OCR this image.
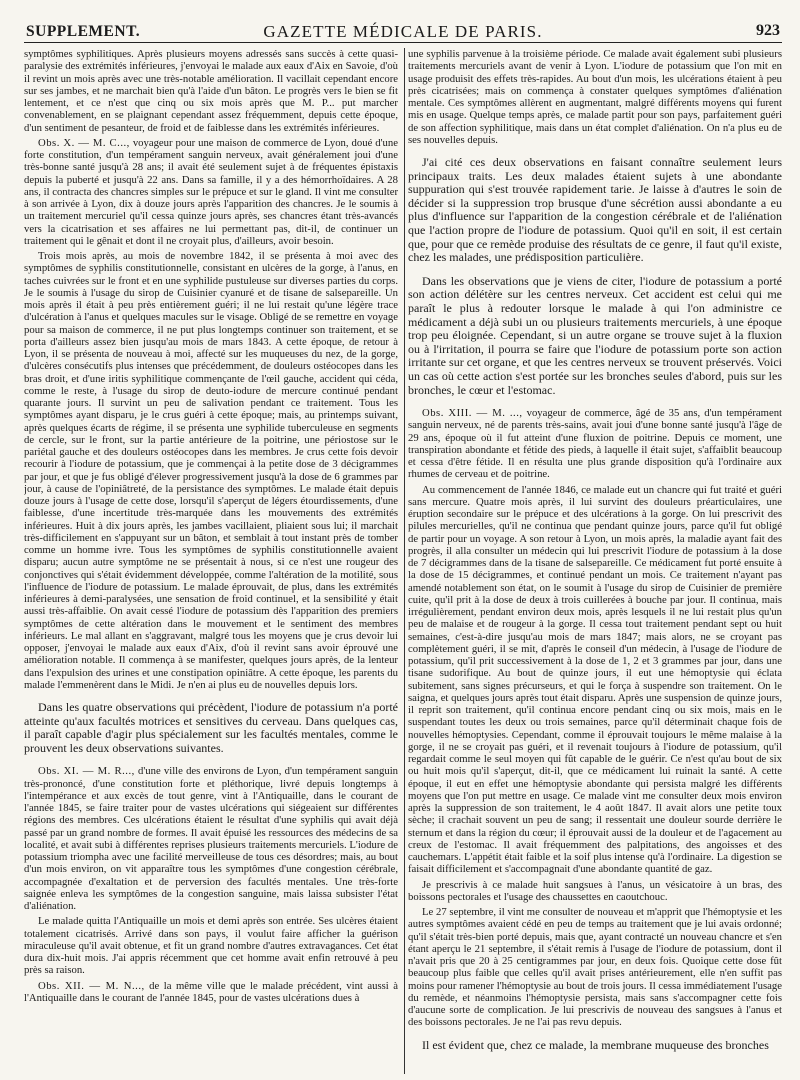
SUPPLEMENT.	GAZETTE MÉDICALE DE PARIS.	923

symptômes syphilitiques. Après plusieurs moyens adressés sans succès à cette quasi-paralysie des extrémités inférieures, j'envoyai le malade aux eaux d'Aix en Savoie, d'où il revint un mois après avec une très-notable amélioration. Il vacillait cependant encore sur ses jambes, et ne marchait bien qu'à l'aide d'un bâton. Le progrès vers le bien se fit lentement, et ce n'est que cinq ou six mois après que M. P... put marcher convenablement, en se plaignant cependant assez fréquemment, depuis cette époque, d'un sentiment de pesanteur, de froid et de faiblesse dans les extrémités inférieures.

Obs. X. — M. C..., voyageur pour une maison de commerce de Lyon, doué d'une forte constitution, d'un tempérament sanguin nerveux, avait généralement joui d'une très-bonne santé jusqu'à 28 ans; il avait été seulement sujet à de fréquentes épistaxis depuis la puberté et jusqu'à 22 ans. Dans sa famille, il y a des hémorrhoïdaires. A 28 ans, il contracta des chancres simples sur le prépuce et sur le gland. Il vint me consulter à son arrivée à Lyon, dix à douze jours après l'apparition des chancres. Je le soumis à un traitement mercuriel qu'il cessa quinze jours après, ses chancres étant très-avancés vers la cicatrisation et ses affaires ne lui permettant pas, dit-il, de continuer un traitement qui le gênait et dont il ne croyait plus, d'ailleurs, avoir besoin.

Trois mois après, au mois de novembre 1842, il se présenta à moi avec des symptômes de syphilis constitutionnelle, consistant en ulcères de la gorge, à l'anus, en taches cuivrées sur le front et en une syphilide pustuleuse sur diverses parties du corps. Je le soumis à l'usage du sirop de Cuisinier cyanuré et de tisane de salsepareille. Un mois après il était à peu près entièrement guéri; il ne lui restait qu'une légère trace d'ulcération à l'anus et quelques macules sur le visage. Obligé de se remettre en voyage pour sa maison de commerce, il ne put plus longtemps continuer son traitement, et se porta d'ailleurs assez bien jusqu'au mois de mars 1843. A cette époque, de retour à Lyon, il se présenta de nouveau à moi, affecté sur les muqueuses du nez, de la gorge, d'ulcères consécutifs plus intenses que précédemment, de douleurs ostéocopes dans les bras droit, et d'une iritis syphilitique commençante de l'œil gauche, accident qui céda, comme le reste, à l'usage du sirop de deuto-iodure de mercure continué pendant quarante jours. Il survint un peu de salivation pendant ce traitement. Tous les symptômes ayant disparu, je le crus guéri à cette époque; mais, au printemps suivant, après quelques écarts de régime, il se présenta une syphilide tuberculeuse en segments de cercle, sur le front, sur la partie antérieure de la poitrine, une périostose sur le pariétal gauche et des douleurs ostéocopes dans les membres. Je crus cette fois devoir recourir à l'iodure de potassium, que je commençai à la petite dose de 3 décigrammes par jour, et que je fus obligé d'élever progressivement jusqu'à la dose de 6 grammes par jour, à cause de l'opiniâtreté, de la persistance des symptômes. Le malade était depuis douze jours à l'usage de cette dose, lorsqu'il s'aperçut de légers étourdissements, d'une faiblesse, d'une incertitude très-marquée dans les mouvements des extrémités inférieures. Huit à dix jours après, les jambes vacillaient, pliaient sous lui; il marchait très-difficilement en s'appuyant sur un bâton, et semblait à tout instant près de tomber comme un homme ivre. Tous les symptômes de syphilis constitutionnelle avaient disparu; aucun autre symptôme ne se présentait à nous, si ce n'est une rougeur des conjonctives qui s'était évidemment développée, comme l'altération de la motilité, sous l'influence de l'iodure de potassium. Le malade éprouvait, de plus, dans les extrémités inférieures à demi-paralysées, une sensation de froid continuel, et la sensibilité y était aussi très-affaiblie. On avait cessé l'iodure de potassium dès l'apparition des premiers symptômes de cette altération dans le mouvement et le sentiment des membres inférieurs. Le mal allant en s'aggravant, malgré tous les moyens que je crus devoir lui opposer, j'envoyai le malade aux eaux d'Aix, d'où il revint sans avoir éprouvé une amélioration notable. Il commença à se manifester, quelques jours après, de la lenteur dans l'expulsion des urines et une constipation opiniâtre. A cette époque, les parents du malade l'emmenèrent dans le Midi. Je n'en ai plus eu de nouvelles depuis lors.

Dans les quatre observations qui précèdent, l'iodure de potassium n'a porté atteinte qu'aux facultés motrices et sensitives du cerveau. Dans quelques cas, il paraît capable d'agir plus spécialement sur les facultés mentales, comme le prouvent les deux observations suivantes.

Obs. XI. — M. R..., d'une ville des environs de Lyon, d'un tempérament sanguin très-prononcé, d'une constitution forte et pléthorique, livré depuis longtemps à l'intempérance et aux excès de tout genre, vint à l'Antiquaille, dans le courant de l'année 1845, se faire traiter pour de vastes ulcérations qui siégeaient sur différentes régions des membres. Ces ulcérations étaient le résultat d'une syphilis qui avait déjà passé par un grand nombre de formes. Il avait épuisé les ressources des médecins de sa localité, et avait subi à différentes reprises plusieurs traitements mercuriels. L'iodure de potassium triompha avec une facilité merveilleuse de tous ces désordres; mais, au bout d'un mois environ, on vit apparaître tous les symptômes d'une congestion cérébrale, accompagnée d'exaltation et de perversion des facultés mentales. Une très-forte saignée enleva les symptômes de la congestion sanguine, mais laissa subsister l'état d'aliénation.

Le malade quitta l'Antiquaille un mois et demi après son entrée. Ses ulcères étaient totalement cicatrisés. Arrivé dans son pays, il voulut faire afficher la guérison miraculeuse qu'il avait obtenue, et fit un grand nombre d'autres extravagances. Cet état dura dix-huit mois. J'ai appris récemment que cet homme avait enfin retrouvé à peu près sa raison.

Obs. XII. — M. N..., de la même ville que le malade précédent, vint aussi à l'Antiquaille dans le courant de l'année 1845, pour de vastes ulcérations dues à

une syphilis parvenue à la troisième période. Ce malade avait également subi plusieurs traitements mercuriels avant de venir à Lyon. L'iodure de potassium que l'on mit en usage produisit des effets très-rapides. Au bout d'un mois, les ulcérations étaient à peu près cicatrisées; mais on commença à constater quelques symptômes d'aliénation mentale. Ces symptômes allèrent en augmentant, malgré différents moyens qui furent mis en usage. Quelque temps après, ce malade partit pour son pays, parfaitement guéri de son affection syphilitique, mais dans un état complet d'aliénation. On n'a plus eu de ses nouvelles depuis.

J'ai cité ces deux observations en faisant connaître seulement leurs principaux traits. Les deux malades étaient sujets à une abondante suppuration qui s'est trouvée rapidement tarie. Je laisse à d'autres le soin de décider si la suppression trop brusque d'une sécrétion aussi abondante a eu plus d'influence sur l'apparition de la congestion cérébrale et de l'aliénation que l'action propre de l'iodure de potassium. Quoi qu'il en soit, il est certain que, pour que ce remède produise des résultats de ce genre, il faut qu'il existe, chez les malades, une prédisposition particulière.

Dans les observations que je viens de citer, l'iodure de potassium a porté son action délétère sur les centres nerveux. Cet accident est celui qui me paraît le plus à redouter lorsque le malade à qui l'on administre ce médicament a déjà subi un ou plusieurs traitements mercuriels, à une époque trop peu éloignée. Cependant, si un autre organe se trouve sujet à la fluxion ou à l'irritation, il pourra se faire que l'iodure de potassium porte son action irritante sur cet organe, et que les centres nerveux se trouvent préservés. Voici un cas où cette action s'est portée sur les bronches seules d'abord, puis sur les bronches, le cœur et l'estomac.

Obs. XIII. — M. ..., voyageur de commerce, âgé de 35 ans, d'un tempérament sanguin nerveux, né de parents très-sains, avait joui d'une bonne santé jusqu'à l'âge de 29 ans, époque où il fut atteint d'une fluxion de poitrine. Depuis ce moment, une transpiration abondante et fétide des pieds, à laquelle il était sujet, s'affaiblit beaucoup et cessa d'être fétide. Il en résulta une plus grande disposition qu'à l'ordinaire aux rhumes de cerveau et de poitrine.

Au commencement de l'année 1846, ce malade eut un chancre qui fut traité et guéri sans mercure. Quatre mois après, il lui survint des douleurs préarticulaires, une éruption secondaire sur le prépuce et des ulcérations à la gorge. On lui prescrivit des pilules mercurielles, qu'il ne continua que pendant quinze jours, parce qu'il fut obligé de partir pour un voyage. A son retour à Lyon, un mois après, la maladie ayant fait des progrès, il alla consulter un médecin qui lui prescrivit l'iodure de potassium à la dose de 7 décigrammes dans de la tisane de salsepareille. Ce médicament fut porté ensuite à la dose de 15 décigrammes, et continué pendant un mois. Ce traitement n'ayant pas amendé notablement son état, on le soumit à l'usage du sirop de Cuisinier de première cuite, qu'il prit à la dose de deux à trois cuillerées à bouche par jour. Il continua, mais irrégulièrement, pendant environ deux mois, après lesquels il ne lui restait plus qu'un peu de malaise et de rougeur à la gorge. Il cessa tout traitement pendant sept ou huit semaines, c'est-à-dire jusqu'au mois de mars 1847; mais alors, ne se croyant pas complètement guéri, il se mit, d'après le conseil d'un médecin, à l'usage de l'iodure de potassium, qu'il prit successivement à la dose de 1, 2 et 3 grammes par jour, dans une tisane sudorifique. Au bout de quinze jours, il eut une hémoptysie qui éclata subitement, sans signes précurseurs, et qui le força à suspendre son traitement. On le saigna, et quelques jours après tout était disparu. Après une suspension de quinze jours, il reprit son traitement, qu'il continua encore pendant cinq ou six mois, mais en le suspendant toutes les deux ou trois semaines, parce qu'il déterminait chaque fois de nouvelles hémoptysies. Cependant, comme il éprouvait toujours le même malaise à la gorge, il ne se croyait pas guéri, et il revenait toujours à l'iodure de potassium, qu'il regardait comme le seul moyen qui fût capable de le guérir. Ce n'est qu'au bout de six ou huit mois qu'il s'aperçut, dit-il, que ce médicament lui ruinait la santé. A cette époque, il eut en effet une hémoptysie abondante qui persista malgré les différents moyens que l'on put mettre en usage. Ce malade vint me consulter deux mois environ après la suppression de son traitement, le 4 août 1847. Il avait alors une petite toux sèche; il crachait souvent un peu de sang; il ressentait une douleur sourde derrière le sternum et dans la région du cœur; il éprouvait aussi de la douleur et de l'agacement au creux de l'estomac. Il avait fréquemment des palpitations, des angoisses et des cauchemars. L'appétit était faible et la soif plus intense qu'à l'ordinaire. La digestion se faisait difficilement et s'accompagnait d'une abondante quantité de gaz.

Je prescrivis à ce malade huit sangsues à l'anus, un vésicatoire à un bras, des boissons pectorales et l'usage des chaussettes en caoutchouc.

Le 27 septembre, il vint me consulter de nouveau et m'apprit que l'hémoptysie et les autres symptômes avaient cédé en peu de temps au traitement que je lui avais ordonné; qu'il s'était très-bien porté depuis, mais que, ayant contracté un nouveau chancre et s'en étant aperçu le 21 septembre, il s'était remis à l'usage de l'iodure de potassium, dont il n'avait pris que 20 à 25 centigrammes par jour, en deux fois. Quoique cette dose fût beaucoup plus faible que celles qu'il avait prises antérieurement, elle n'en suffit pas moins pour ramener l'hémoptysie au bout de trois jours. Il cessa immédiatement l'usage du remède, et néanmoins l'hémoptysie persista, mais sans s'accompagner cette fois d'aucune sorte de complication. Je lui prescrivis de nouveau des sangsues à l'anus et des boissons pectorales. Je ne l'ai pas revu depuis.

Il est évident que, chez ce malade, la membrane muqueuse des bronches
